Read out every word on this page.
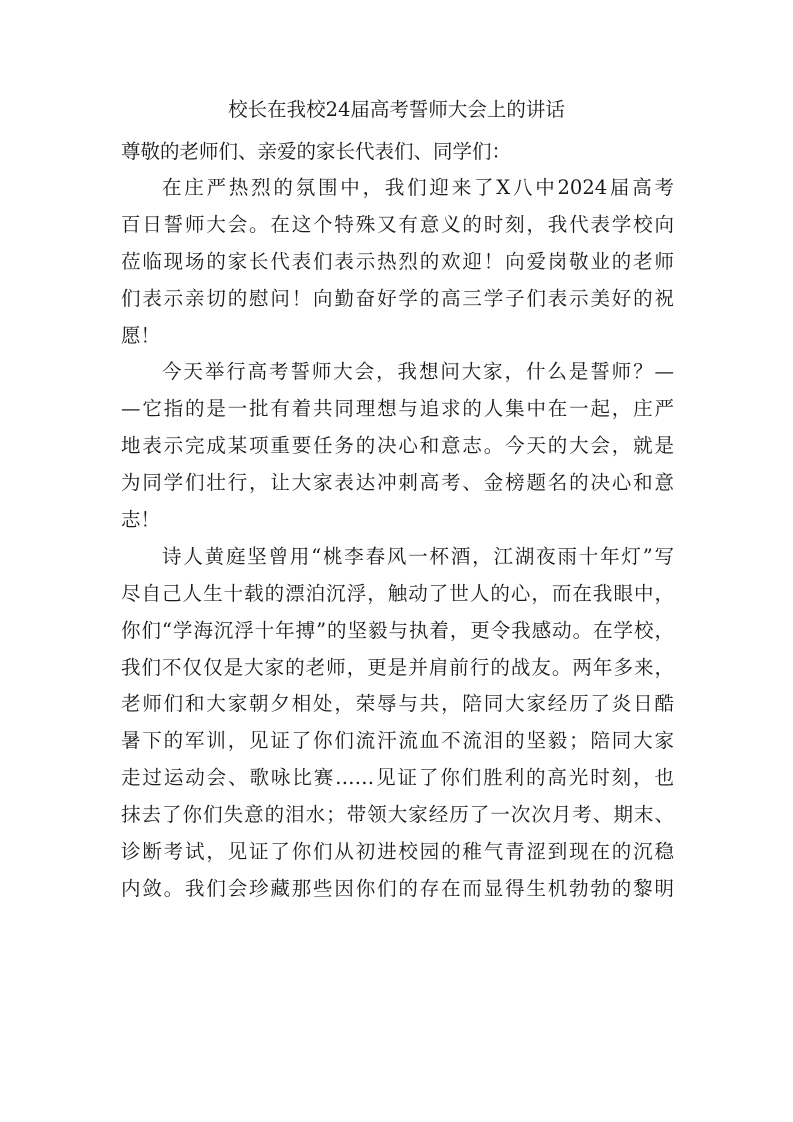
校长在我校24届高考誓师大会上的讲话
尊敬的老师们、亲爱的家长代表们、同学们：
在庄严热烈的氛围中，我们迎来了X八中2024届高考
百日誓师大会。在这个特殊又有意义的时刻，我代表学校向
莅临现场的家长代表们表示热烈的欢迎！向爱岗敬业的老师
们表示亲切的慰问！向勤奋好学的高三学子们表示美好的祝
愿！
今天举行高考誓师大会，我想问大家，什么是誓师？—
—它指的是一批有着共同理想与追求的人集中在一起，庄严
地表示完成某项重要任务的决心和意志。今天的大会，就是
为同学们壮行，让大家表达冲刺高考、金榜题名的决心和意
志！
诗人黄庭坚曾用“桃李春风一杯酒，江湖夜雨十年灯”写
尽自己人生十载的漂泊沉浮，触动了世人的心，而在我眼中，
你们“学海沉浮十年搏”的坚毅与执着，更令我感动。在学校，
我们不仅仅是大家的老师，更是并肩前行的战友。两年多来，
老师们和大家朝夕相处，荣辱与共，陪同大家经历了炎日酷
暑下的军训，见证了你们流汗流血不流泪的坚毅；陪同大家
走过运动会、歌咏比赛……见证了你们胜利的高光时刻，也
抹去了你们失意的泪水；带领大家经历了一次次月考、期末、
诊断考试，见证了你们从初进校园的稚气青涩到现在的沉稳
内敛。我们会珍藏那些因你们的存在而显得生机勃勃的黎明
